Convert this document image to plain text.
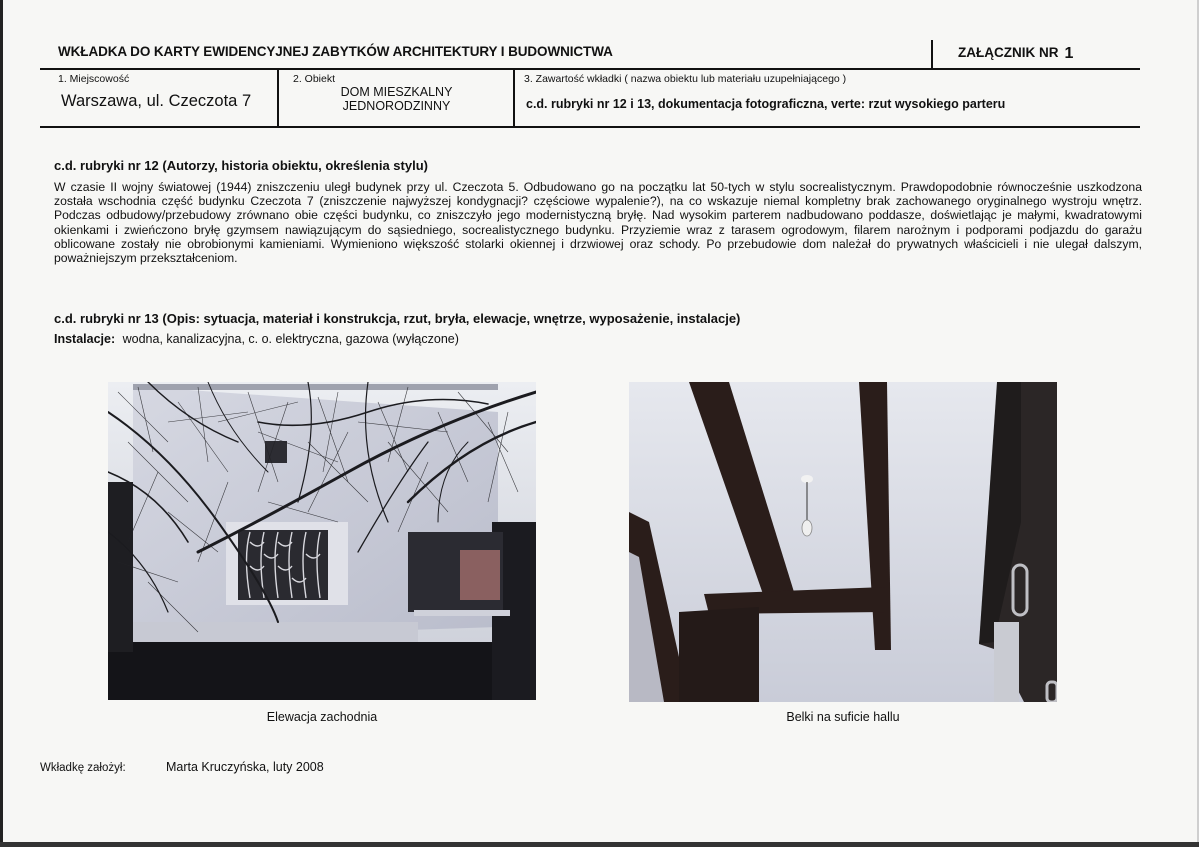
WKŁADKA DO KARTY EWIDENCYJNEJ ZABYTKÓW ARCHITEKTURY I BUDOWNICTWA	ZAŁĄCZNIK NR 1
1. Miejscowość
Warszawa, ul. Czeczota 7
2. Obiekt
DOM MIESZKALNY
JEDNORODZINNY
3. Zawartość wkładki ( nazwa obiektu lub materiału uzupełniającego )
c.d. rubryki nr 12 i 13, dokumentacja fotograficzna, verte: rzut wysokiego parteru
c.d. rubryki nr 12 (Autorzy, historia obiektu, określenia stylu)
W czasie II wojny światowej (1944) zniszczeniu uległ budynek przy ul. Czeczota 5. Odbudowano go na początku lat 50-tych w stylu socrealistycznym. Prawdopodobnie równocześnie uszkodzona została wschodnia część budynku Czeczota 7 (zniszczenie najwyższej kondygnacji? częściowe wypalenie?), na co wskazuje niemal kompletny brak zachowanego oryginalnego wystroju wnętrz. Podczas odbudowy/przebudowy zrównano obie części budynku, co zniszczyło jego modernistyczną bryłę. Nad wysokim parterem nadbudowano poddasze, doświetlając je małymi, kwadratowymi okienkami i zwieńczono bryłę gzymsem nawiązującym do sąsiedniego, socrealistycznego budynku. Przyziemie wraz z tarasem ogrodowym, filarem narożnym i podporami podjazdu do garażu oblicowane zostały nie obrobionymi kamieniami. Wymieniono większość stolarki okiennej i drzwiowej oraz schody. Po przebudowie dom należał do prywatnych właścicieli i nie ulegał dalszym, poważniejszym przekształceniom.
c.d. rubryki nr 13 (Opis: sytuacja, materiał i konstrukcja, rzut, bryła, elewacje, wnętrze, wyposażenie, instalacje)
Instalacje: wodna, kanalizacyjna, c. o. elektryczna, gazowa (wyłączone)
Elewacja zachodnia	Belki na suficie hallu
Wkładkę założył:	Marta Kruczyńska, luty 2008
